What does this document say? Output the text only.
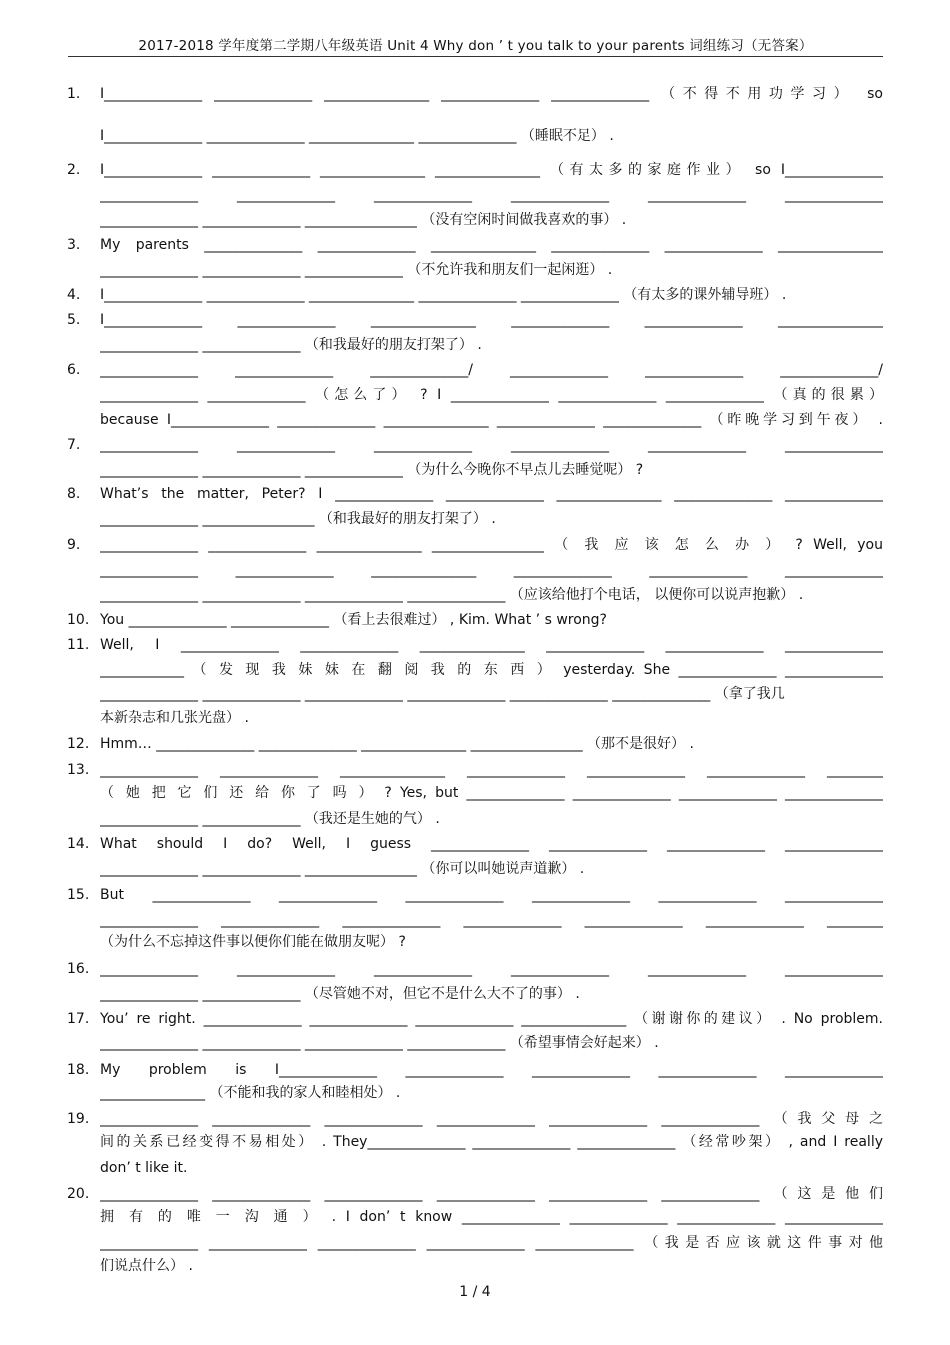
2017-2018 学年度第二学期八年级英语 Unit 4 Why don ’ t you talk to your parents 词组练习（无答案）
1.	I______________ ______________ _______________ ______________ ______________ （不得不用功学习） so
I______________ ______________ _______________ ______________ （睡眠不足） .
2.	I______________ ______________ _______________ _______________ （有太多的家庭作业） so I______________
______________ ______________ ______________ ______________ ______________ ______________
______________ ______________ ________________ （没有空闲时间做我喜欢的事） .
3.	My parents ______________ ______________ _______________ ______________ ______________ _______________
______________ ______________ ______________ （不允许我和朋友们一起闲逛） .
4.	I______________ ______________ _______________ ______________ ______________ （有太多的课外辅导班） .
5.	I______________ ______________ _______________ ______________ ______________ _______________
______________ ______________ （和我最好的朋友打架了） .
6.	______________ ______________ ______________/ ______________ ______________ ______________/
______________ ______________ （怎么了） ? I ______________ ______________ ______________ （真的很累）
because I______________ ______________ _______________ ______________ ______________ （昨晚学习到午夜） .
7.	______________ ______________ ______________ ______________ ______________ ______________
______________ ______________ ______________ （为什么今晚你不早点儿去睡觉呢） ?
8.	What’s the matter, Peter? I ______________ ______________ _______________ ______________ ______________
______________ ________________ （和我最好的朋友打架了） .
9.	______________ ______________ _______________ ________________ （ 我 应 该 怎 么 办 ） ? Well, you
______________ ______________ _______________ ______________ ______________ ______________
______________ ______________ ______________ ______________ （应该给他打个电话， 以便你可以说声抱歉） .
10. You ______________ ______________ （看上去很难过） , Kim. What ’ s wrong?
11. Well, I ______________ ______________ _______________ ______________ ______________ ______________
____________ （ 发 现 我 妹 妹 在 翻 阅 我 的 东 西 ） yesterday. She ______________ ______________
______________ ______________ ______________ ______________ ______________ ______________ （拿了我几
本新杂志和几张光盘） .
12. Hmm… ______________ ______________ _______________ ________________ （那不是很好） .
13. ______________ ______________ _______________ ______________ ______________ ______________ ________
（ 她 把 它 们 还 给 你 了 吗 ） ? Yes, but ______________ ______________ ______________ ______________
______________ ______________ （我还是生她的气） .
14. What should I do? Well, I guess ______________ ______________ ______________ ______________
______________ ______________ ________________ （你可以叫她说声道歉） .
15. But ______________ ______________ ______________ ______________ ______________ ______________
______________ ______________ ______________ ______________ ______________ ______________ ________
（为什么不忘掉这件事以便你们能在做朋友呢） ?
16. ______________ ______________ ______________ ______________ ______________ ______________
______________ ______________ （尽管她不对，但它不是什么大不了的事） .
17. You’ re right. ______________ ______________ ______________ _______________ （谢谢你的建议） . No problem.
______________ ______________ ______________ ______________ （希望事情会好起来） .
18. My problem is I______________ ______________ ______________ ______________ ______________
_______________ （不能和我的家人和睦相处） .
19. ______________ ______________ ______________ ______________ ______________ ______________ （我父母之
间的关系已经变得不易相处） . They______________ ______________ ______________ （经常吵架） , and I really
don’ t like it.
20. ______________ ______________ ______________ ______________ ______________ ______________ （这是他们
拥 有 的 唯 一 沟 通 ） . I don’ t know ______________ ______________ ______________ ______________
______________ ______________ ______________ ______________ ______________ （我是否应该就这件事对他
们说点什么） .
1 / 4
